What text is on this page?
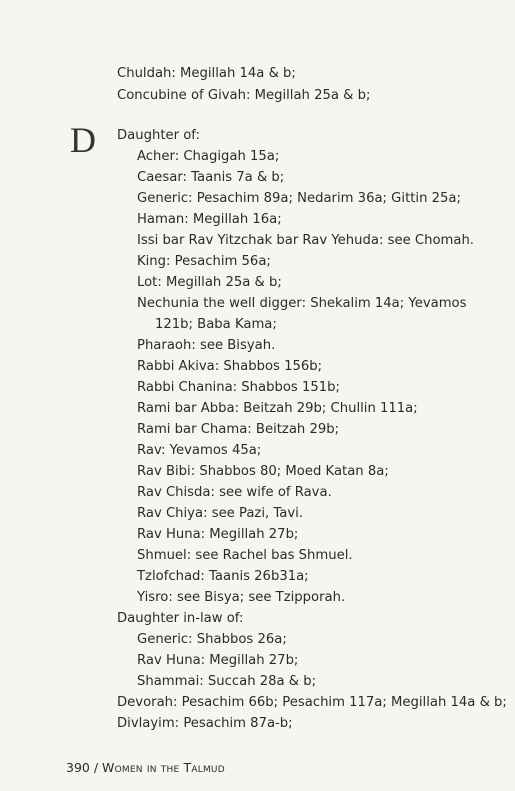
Chuldah: Megillah 14a & b;
Concubine of Givah: Megillah 25a & b;
D Daughter of:
Acher: Chagigah 15a;
Caesar: Taanis 7a & b;
Generic: Pesachim 89a; Nedarim 36a; Gittin 25a;
Haman: Megillah 16a;
Issi bar Rav Yitzchak bar Rav Yehuda: see Chomah.
King: Pesachim 56a;
Lot: Megillah 25a & b;
Nechunia the well digger: Shekalim 14a; Yevamos
121b; Baba Kama;
Pharaoh: see Bisyah.
Rabbi Akiva: Shabbos 156b;
Rabbi Chanina: Shabbos 151b;
Rami bar Abba: Beitzah 29b; Chullin 111a;
Rami bar Chama: Beitzah 29b;
Rav: Yevamos 45a;
Rav Bibi: Shabbos 80; Moed Katan 8a;
Rav Chisda: see wife of Rava.
Rav Chiya: see Pazi, Tavi.
Rav Huna: Megillah 27b;
Shmuel: see Rachel bas Shmuel.
Tzlofchad: Taanis 26b31a;
Yisro: see Bisya; see Tzipporah.
Daughter in-law of:
Generic: Shabbos 26a;
Rav Huna: Megillah 27b;
Shammai: Succah 28a & b;
Devorah: Pesachim 66b; Pesachim 117a; Megillah 14a & b;
Divlayim: Pesachim 87a-b;
390 / Women in the Talmud
